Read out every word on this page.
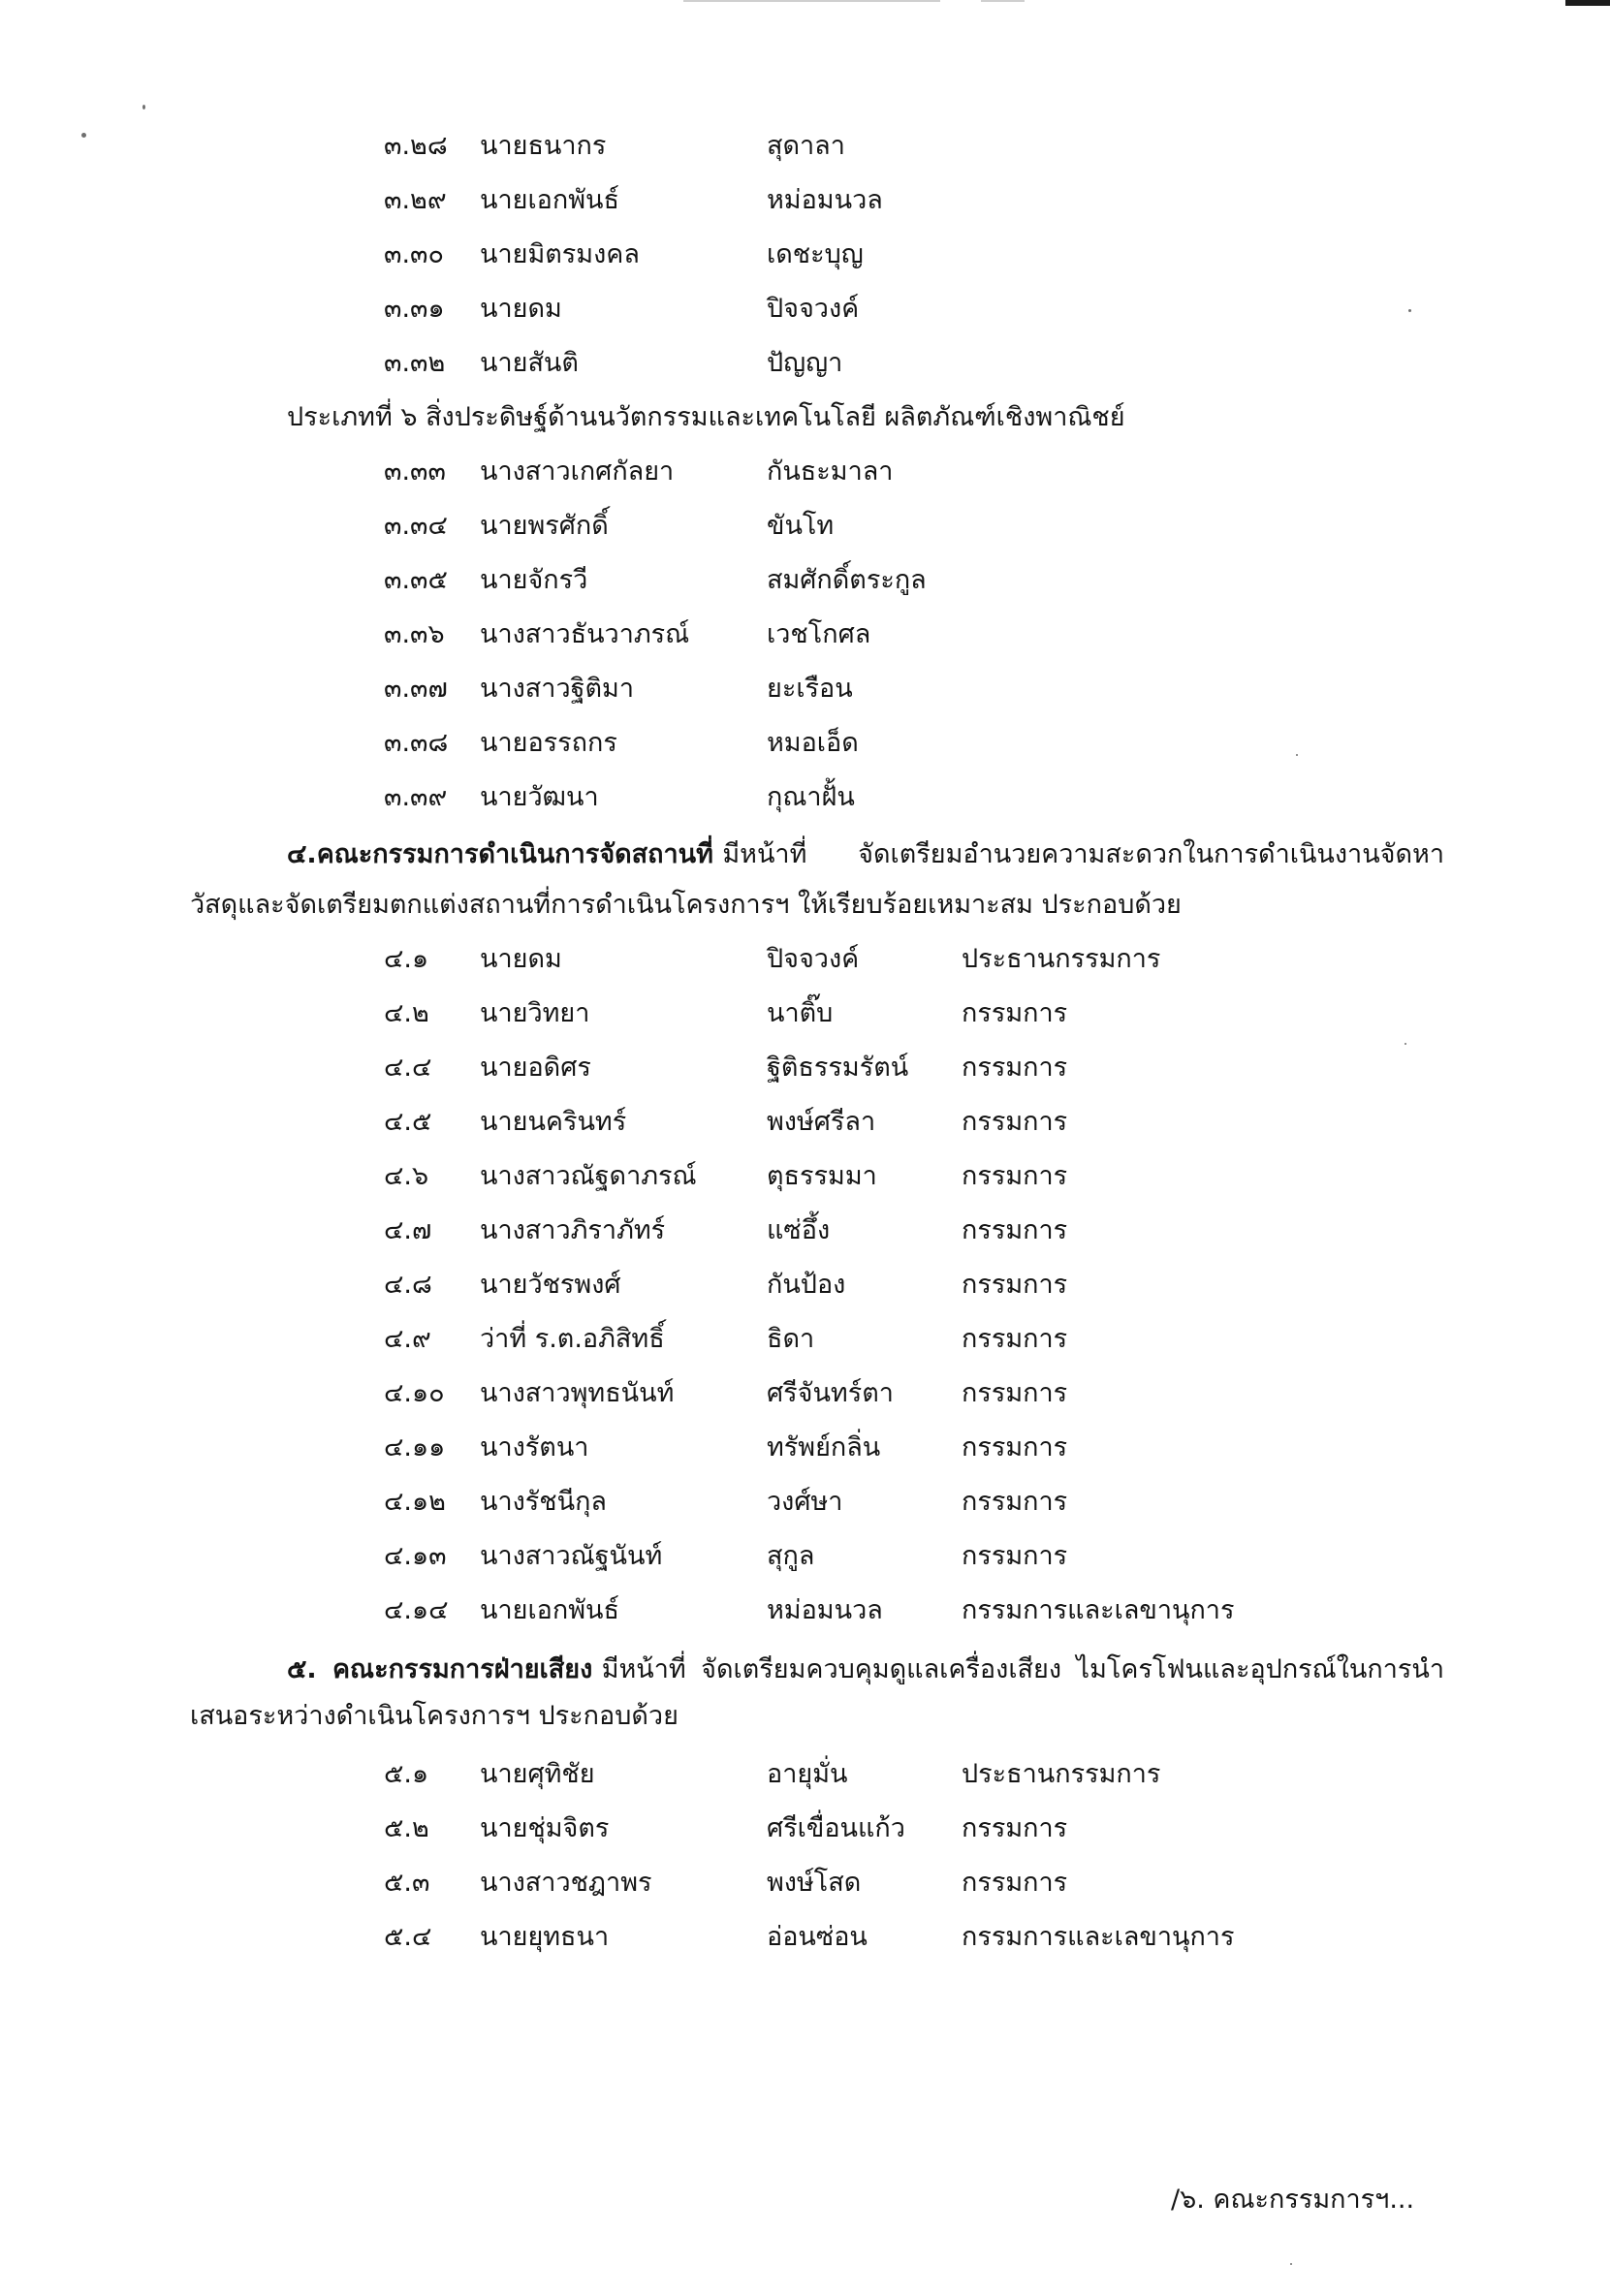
๓.๒๘ นายธนากร	สุดาลา
๓.๒๙ นายเอกพันธ์	หม่อมนวล
๓.๓๐ นายมิตรมงคล	เดชะบุญ
๓.๓๑ นายดม	ปิจจวงค์
๓.๓๒ นายสันติ	ปัญญา
ประเภทที่ ๖ สิ่งประดิษฐ์ด้านนวัตกรรมและเทคโนโลยี ผลิตภัณฑ์เชิงพาณิชย์
๓.๓๓ นางสาวเกศกัลยา	กันธะมาลา
๓.๓๔ นายพรศักดิ์	ขันโท
๓.๓๕ นายจักรวี	สมศักดิ์ตระกูล
๓.๓๖ นางสาวธันวาภรณ์	เวชโกศล
๓.๓๗ นางสาวฐิติมา	ยะเรือน
๓.๓๘ นายอรรถกร	หมอเอ็ด
๓.๓๙ นายวัฒนา	กุณาฝั้น
๔.คณะกรรมการดำเนินการจัดสถานที่ มีหน้าที่ จัดเตรียมอำนวยความสะดวกในการดำเนินงานจัดหาวัสดุและจัดเตรียมตกแต่งสถานที่การดำเนินโครงการฯ ให้เรียบร้อยเหมาะสม ประกอบด้วย
๔.๑ นายดม	ปิจจวงค์	ประธานกรรมการ
๔.๒ นายวิทยา	นาติ๊บ	กรรมการ
๔.๔ นายอดิศร	ฐิติธรรมรัตน์ กรรมการ
๔.๕ นายนครินทร์	พงษ์ศรีลา	กรรมการ
๔.๖ นางสาวณัฐดาภรณ์	ตุธรรมมา	กรรมการ
๔.๗ นางสาวภิราภัทร์	แซ่อึ้ง	กรรมการ
๔.๘ นายวัชรพงศ์	กันป้อง	กรรมการ
๔.๙ ว่าที่ ร.ต.อภิสิทธิ์	ธิดา	กรรมการ
๔.๑๐ นางสาวพุทธนันท์	ศรีจันทร์ตา	กรรมการ
๔.๑๑ นางรัตนา	ทรัพย์กลิ่น	กรรมการ
๔.๑๒ นางรัชนีกุล	วงศ์ษา	กรรมการ
๔.๑๓ นางสาวณัฐนันท์	สุกูล	กรรมการ
๔.๑๔ นายเอกพันธ์	หม่อมนวล	กรรมการและเลขานุการ
๕. คณะกรรมการฝ่ายเสียง มีหน้าที่ จัดเตรียมควบคุมดูแลเครื่องเสียง ไมโครโฟนและอุปกรณ์ในการนำเสนอระหว่างดำเนินโครงการฯ ประกอบด้วย
๕.๑ นายศุทิชัย	อายุมั่น	ประธานกรรมการ
๕.๒ นายชุ่มจิตร	ศรีเขื่อนแก้ว กรรมการ
๕.๓ นางสาวชฎาพร	พงษ์โสด	กรรมการ
๕.๔ นายยุทธนา	อ่อนซ่อน	กรรมการและเลขานุการ
/๖. คณะกรรมการฯ...
